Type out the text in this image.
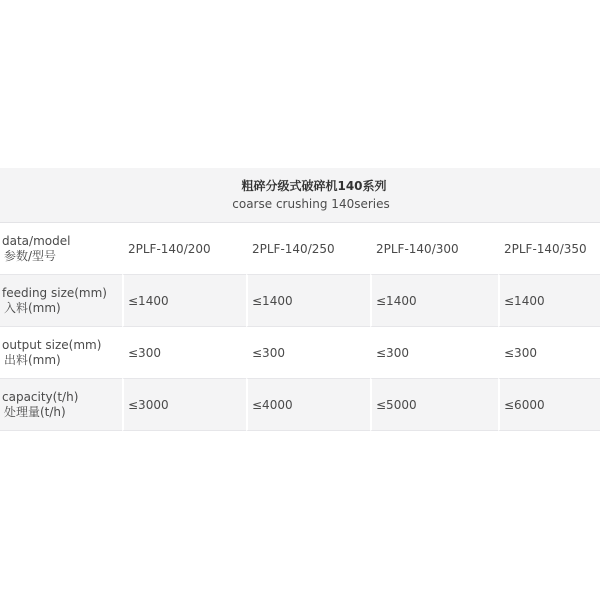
粗碎分级式破碎机140系列
coarse crushing 140series				

data/model
参数/型号	2PLF-140/200	2PLF-140/250	2PLF-140/300	2PLF-140/350

feeding size(mm)
入料(mm)	≤1400	≤1400	≤1400	≤1400

output size(mm)
出料(mm)	≤300	≤300	≤300	≤300

capacity(t/h)
处理量(t/h)	≤3000	≤4000	≤5000	≤6000
